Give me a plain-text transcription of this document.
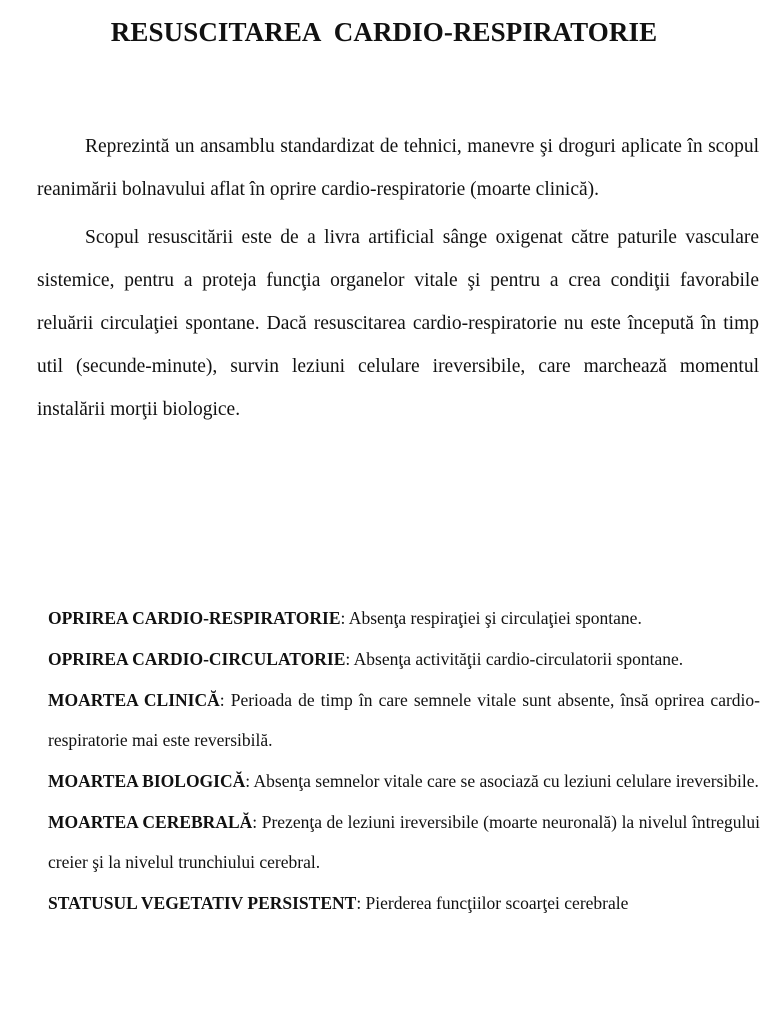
RESUSCITAREA  CARDIO-RESPIRATORIE

Reprezintă un ansamblu standardizat de tehnici, manevre şi droguri aplicate în scopul reanimării bolnavului aflat în oprire cardio-respiratorie (moarte clinică).

Scopul resuscitării este de a livra artificial sânge oxigenat către paturile vasculare sistemice, pentru a proteja funcţia organelor vitale şi pentru a crea condiţii favorabile reluării circulaţiei spontane. Dacă resuscitarea cardio-respiratorie nu este începută în timp util (secunde-minute), survin leziuni celulare ireversibile, care marchează momentul instalării morţii biologice.

OPRIREA CARDIO-RESPIRATORIE: Absenţa respiraţiei şi circulaţiei spontane.

OPRIREA CARDIO-CIRCULATORIE: Absenţa activităţii cardio-circulatorii spontane.

MOARTEA CLINICĂ: Perioada de timp în care semnele vitale sunt absente, însă oprirea cardio-respiratorie mai este reversibilă.

MOARTEA BIOLOGICĂ: Absenţa semnelor vitale care se asociază cu leziuni celulare ireversibile.

MOARTEA CEREBRALĂ: Prezenţa de leziuni ireversibile (moarte neuronală) la nivelul întregului creier şi la nivelul trunchiului cerebral.

STATUSUL VEGETATIV PERSISTENT: Pierderea funcţiilor scoarţei cerebrale
